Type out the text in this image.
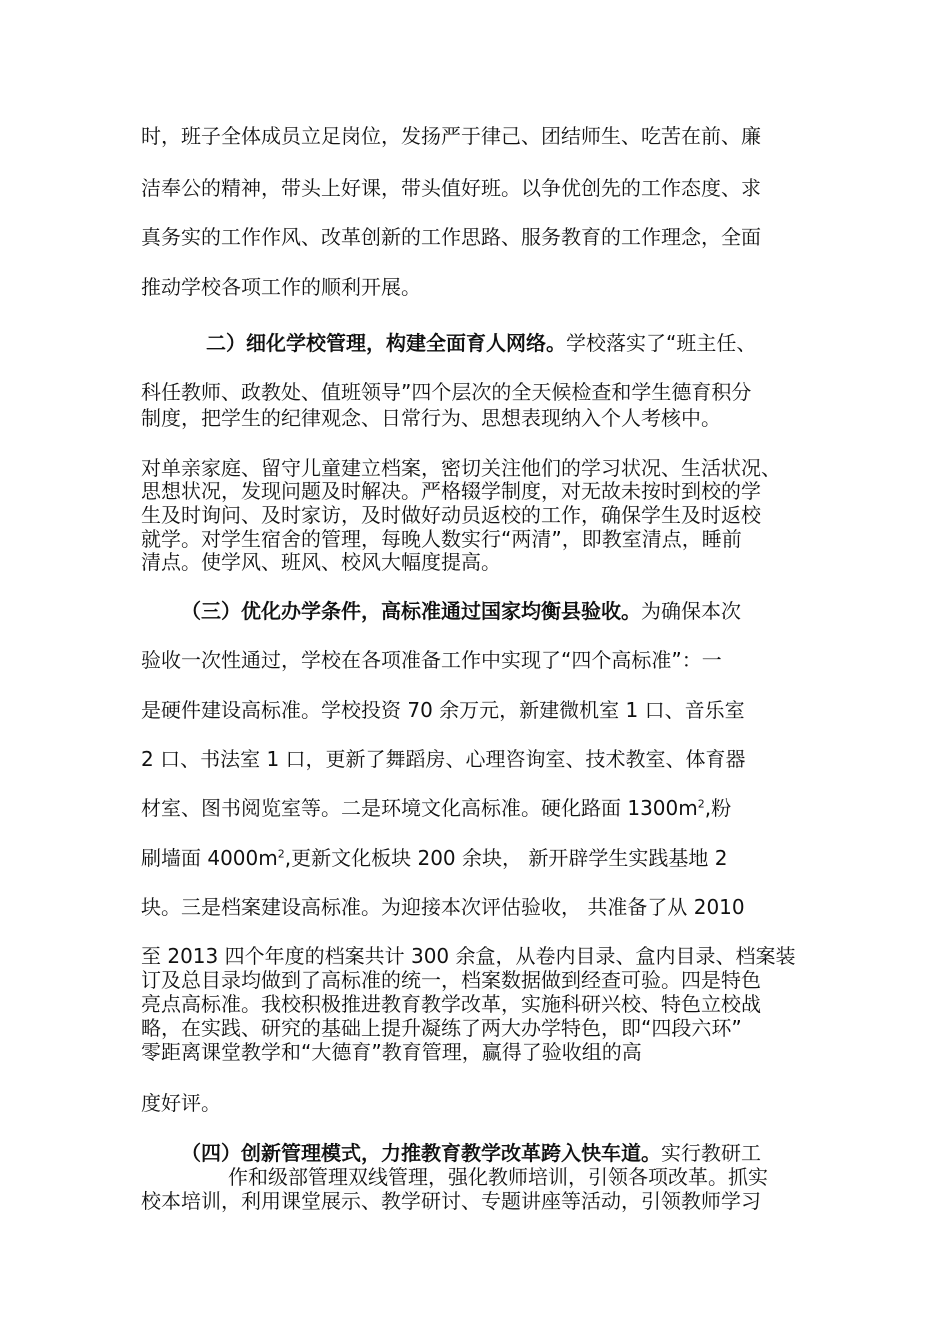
时，班子全体成员立足岗位，发扬严于律己、团结师生、吃苦在前、廉
洁奉公的精神，带头上好课，带头值好班。以争优创先的工作态度、求
真务实的工作作风、改革创新的工作思路、服务教育的工作理念，全面
推动学校各项工作的顺利开展。
二）细化学校管理，构建全面育人网络。学校落实了“班主任、
科任教师、政教处、值班领导”四个层次的全天候检查和学生德育积分
制度，把学生的纪律观念、日常行为、思想表现纳入个人考核中。
对单亲家庭、留守儿童建立档案，密切关注他们的学习状况、生活状况、
思想状况，发现问题及时解决。严格辍学制度，对无故未按时到校的学
生及时询问、及时家访，及时做好动员返校的工作，确保学生及时返校
就学。对学生宿舍的管理，每晚人数实行“两清”，即教室清点，睡前
清点。使学风、班风、校风大幅度提高。
（三）优化办学条件，高标准通过国家均衡县验收。为确保本次
验收一次性通过，学校在各项准备工作中实现了“四个高标准”：一
是硬件建设高标准。学校投资 70 余万元，新建微机室 1 口、音乐室
2 口、书法室 1 口，更新了舞蹈房、心理咨询室、技术教室、体育器
材室、图书阅览室等。二是环境文化高标准。硬化路面 $1300m^2$,粉
刷墙面 $4000m^2$,更新文化板块 200 余块， 新开辟学生实践基地 2
块。三是档案建设高标准。为迎接本次评估验收， 共准备了从 2010
至 2013 四个年度的档案共计 300 余盒，从卷内目录、盒内目录、档案装
订及总目录均做到了高标准的统一，档案数据做到经查可验。四是特色
亮点高标准。我校积极推进教育教学改革，实施科研兴校、特色立校战
略，在实践、研究的基础上提升凝练了两大办学特色，即“四段六环”
零距离课堂教学和“大德育”教育管理，赢得了验收组的高
度好评。
（四）创新管理模式，力推教育教学改革跨入快车道。实行教研工
作和级部管理双线管理，强化教师培训，引领各项改革。抓实
校本培训，利用课堂展示、教学研讨、专题讲座等活动，引领教师学习
